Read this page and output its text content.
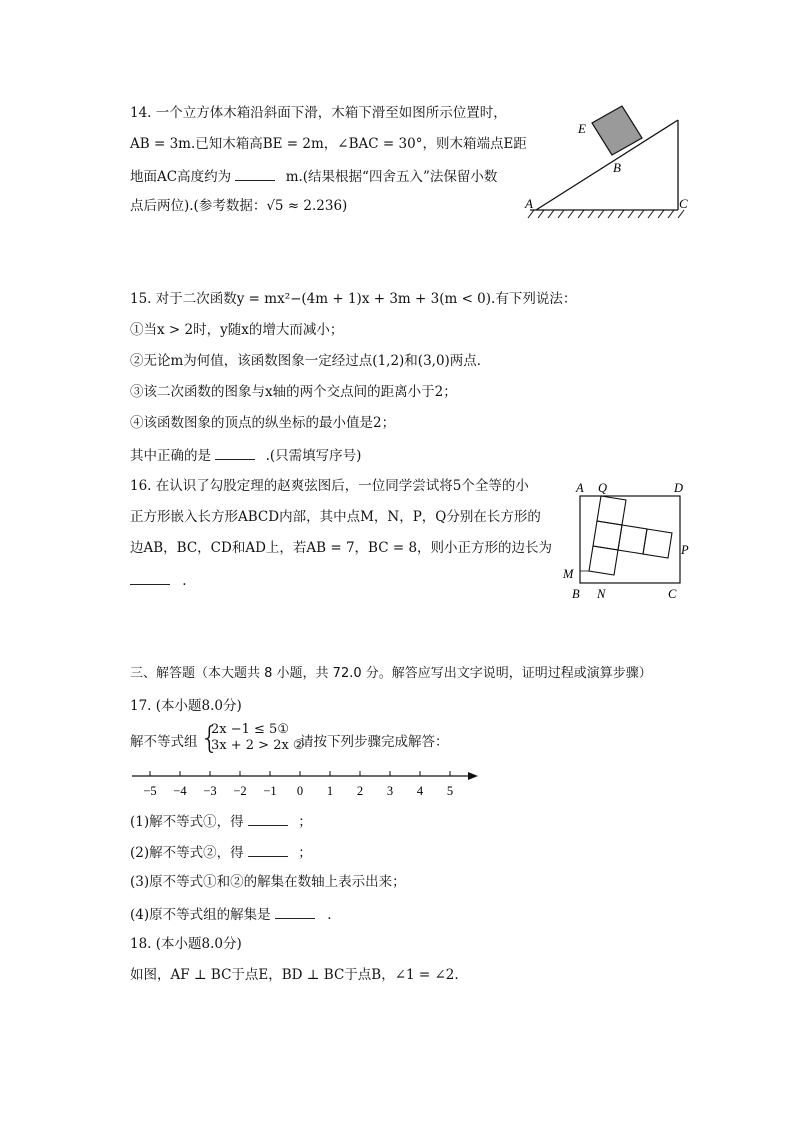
14. 一个立方体木箱沿斜面下滑，木箱下滑至如图所示位置时，
AB = 3m.已知木箱高BE = 2m，∠BAC = 30°，则木箱端点E距
地面AC高度约为	m.(结果根据“四舍五入”法保留小数
点后两位).(参考数据：√5 ≈ 2.236)
E
B
A	C
15. 对于二次函数y = mx²−(4m + 1)x + 3m + 3(m < 0).有下列说法：
①当x > 2时，y随x的增大而减小；
②无论m为何值，该函数图象一定经过点(1,2)和(3,0)两点．
③该二次函数的图象与x轴的两个交点间的距离小于2；
④该函数图象的顶点的纵坐标的最小值是2；
其中正确的是	.(只需填写序号)
16. 在认识了勾股定理的赵爽弦图后，一位同学尝试将5个全等的小
正方形嵌入长方形ABCD内部，其中点M，N，P，Q分别在长方形的
边AB，BC，CD和AD上，若AB = 7，BC = 8，则小正方形的边长为
.
A Q	D
P
M
B N	C
三、解答题（本大题共 8 小题，共 72.0 分。解答应写出文字说明，证明过程或演算步骤）
17. (本小题8.0分)
解不等式组 {
2x −1 ≤ 5①
3x + 2 > 2x ②
请按下列步骤完成解答：
−5 −4 −3 −2 −1 0 1 2 3 4 5
(1)解不等式①，得	；
(2)解不等式②，得	；
(3)原不等式①和②的解集在数轴上表示出来；
(4)原不等式组的解集是	.
18. (本小题8.0分)
如图，AF ⊥ BC于点E，BD ⊥ BC于点B，∠1 = ∠2.
